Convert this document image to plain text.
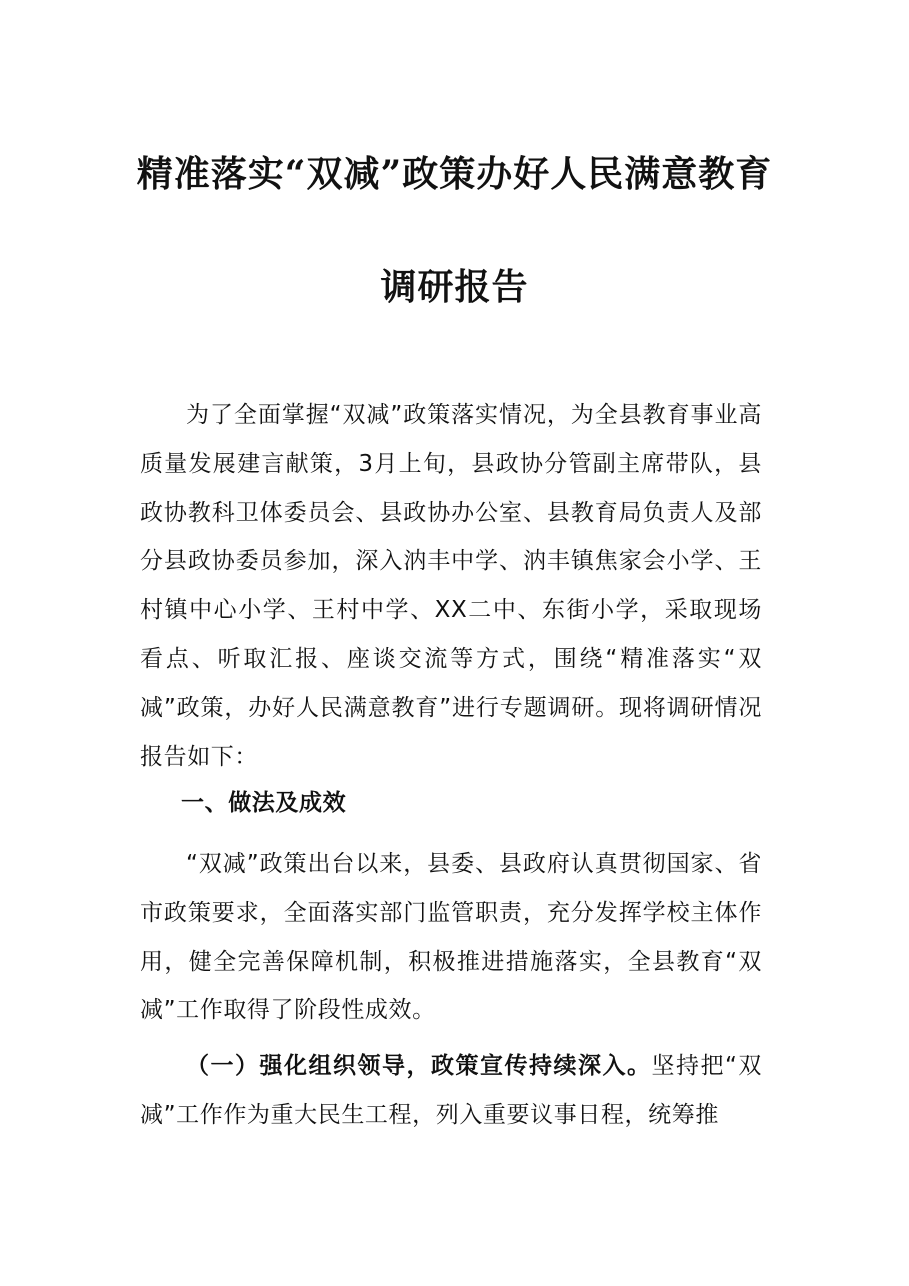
精准落实“双减”政策办好人民满意教育
调研报告

为了全面掌握“双减”政策落实情况，为全县教育事业高质量发展建言献策，3月上旬，县政协分管副主席带队，县政协教科卫体委员会、县政协办公室、县教育局负责人及部分县政协委员参加，深入汭丰中学、汭丰镇焦家会小学、王村镇中心小学、王村中学、XX二中、东街小学，采取现场看点、听取汇报、座谈交流等方式，围绕“精准落实“双减”政策，办好人民满意教育”进行专题调研。现将调研情况报告如下：

一、做法及成效

“双减”政策出台以来，县委、县政府认真贯彻国家、省市政策要求，全面落实部门监管职责，充分发挥学校主体作用，健全完善保障机制，积极推进措施落实，全县教育“双减”工作取得了阶段性成效。

（一）强化组织领导，政策宣传持续深入。坚持把“双减”工作作为重大民生工程，列入重要议事日程，统筹推
